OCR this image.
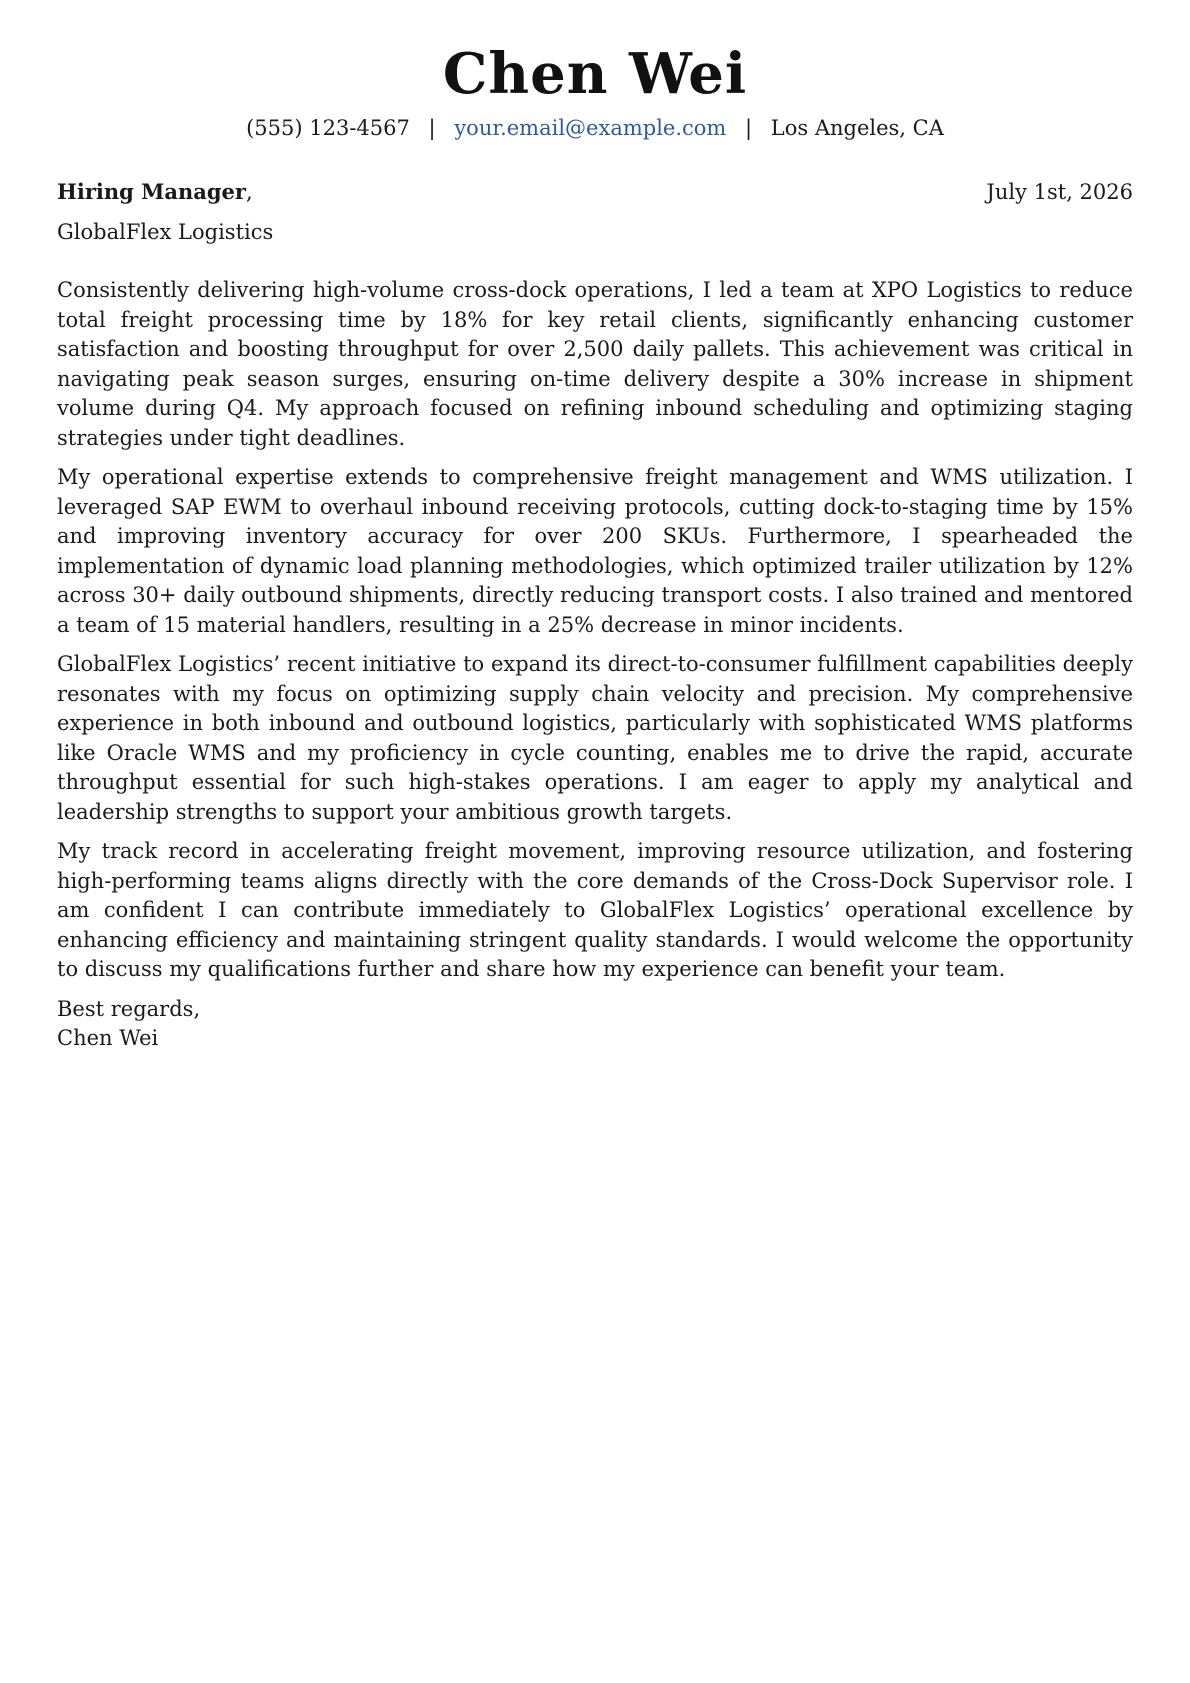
Chen Wei
(555) 123-4567 | your.email@example.com | Los Angeles, CA
Hiring Manager,	July 1st, 2026
GlobalFlex Logistics

Consistently delivering high-volume cross-dock operations, I led a team at XPO Logistics to reduce total freight processing time by 18% for key retail clients, significantly enhancing customer satisfaction and boosting throughput for over 2,500 daily pallets. This achievement was critical in navigating peak season surges, ensuring on-time delivery despite a 30% increase in shipment volume during Q4. My approach focused on refining inbound scheduling and optimizing staging strategies under tight deadlines.

My operational expertise extends to comprehensive freight management and WMS utilization. I leveraged SAP EWM to overhaul inbound receiving protocols, cutting dock-to-staging time by 15% and improving inventory accuracy for over 200 SKUs. Furthermore, I spearheaded the implementation of dynamic load planning methodologies, which optimized trailer utilization by 12% across 30+ daily outbound shipments, directly reducing transport costs. I also trained and mentored a team of 15 material handlers, resulting in a 25% decrease in minor incidents.

GlobalFlex Logistics’ recent initiative to expand its direct-to-consumer fulfillment capabilities deeply resonates with my focus on optimizing supply chain velocity and precision. My comprehensive experience in both inbound and outbound logistics, particularly with sophisticated WMS platforms like Oracle WMS and my proficiency in cycle counting, enables me to drive the rapid, accurate throughput essential for such high-stakes operations. I am eager to apply my analytical and leadership strengths to support your ambitious growth targets.

My track record in accelerating freight movement, improving resource utilization, and fostering high-performing teams aligns directly with the core demands of the Cross-Dock Supervisor role. I am confident I can contribute immediately to GlobalFlex Logistics’ operational excellence by enhancing efficiency and maintaining stringent quality standards. I would welcome the opportunity to discuss my qualifications further and share how my experience can benefit your team.

Best regards,
Chen Wei
